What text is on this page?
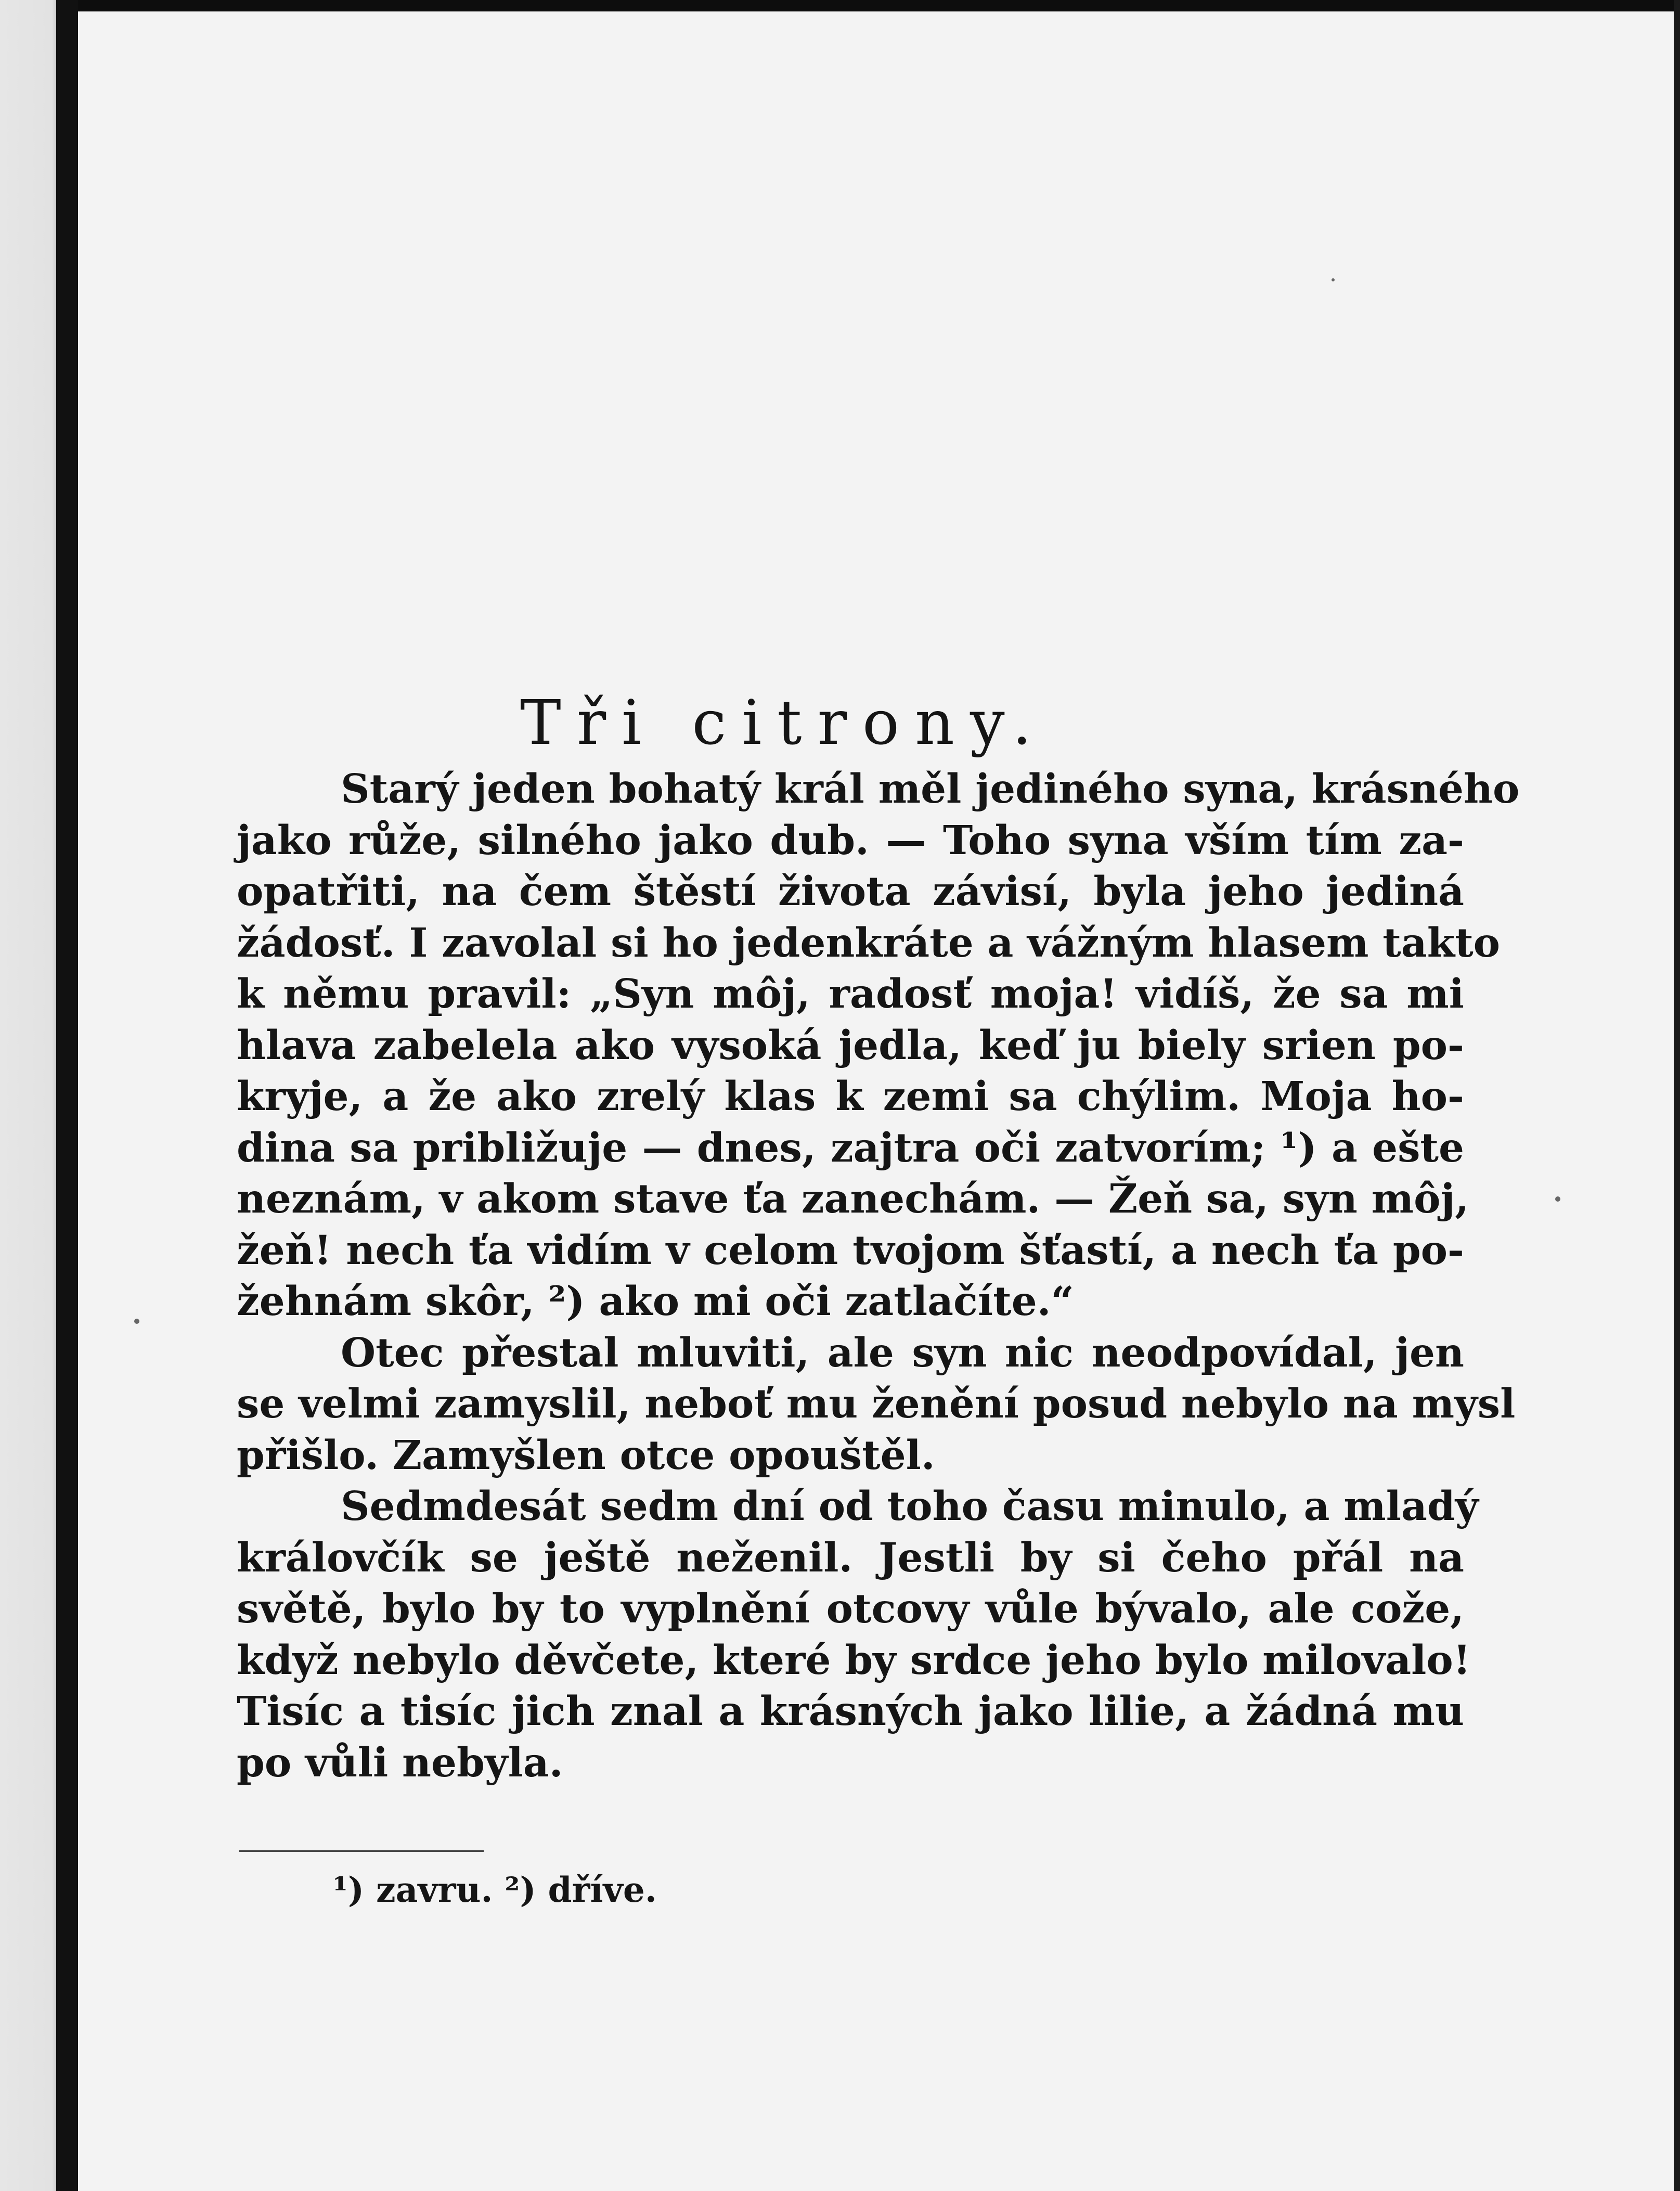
Tři citrony.
Starý jeden bohatý král měl jediného syna, krásného
jako růže, silného jako dub. — Toho syna vším tím za-
opatřiti, na čem štěstí života závisí, byla jeho jediná
žádosť. I zavolal si ho jedenkráte a vážným hlasem takto
k němu pravil: „Syn môj, radosť moja! vidíš, že sa mi
hlava zabelela ako vysoká jedla, keď ju biely srien po-
kryje, a že ako zrelý klas k zemi sa chýlim. Moja ho-
dina sa približuje — dnes, zajtra oči zatvorím; ¹) a ešte
neznám, v akom stave ťa zanechám. — Žeň sa, syn môj,
žeň! nech ťa vidím v celom tvojom šťastí, a nech ťa po-
žehnám skôr, ²) ako mi oči zatlačíte.“
Otec přestal mluviti, ale syn nic neodpovídal, jen
se velmi zamyslil, neboť mu ženění posud nebylo na mysl
přišlo. Zamyšlen otce opouštěl.
Sedmdesát sedm dní od toho času minulo, a mladý
královčík se ještě neženil. Jestli by si čeho přál na
světě, bylo by to vyplnění otcovy vůle bývalo, ale cože,
když nebylo děvčete, které by srdce jeho bylo milovalo!
Tisíc a tisíc jich znal a krásných jako lilie, a žádná mu
po vůli nebyla.
¹) zavru. ²) dříve.
